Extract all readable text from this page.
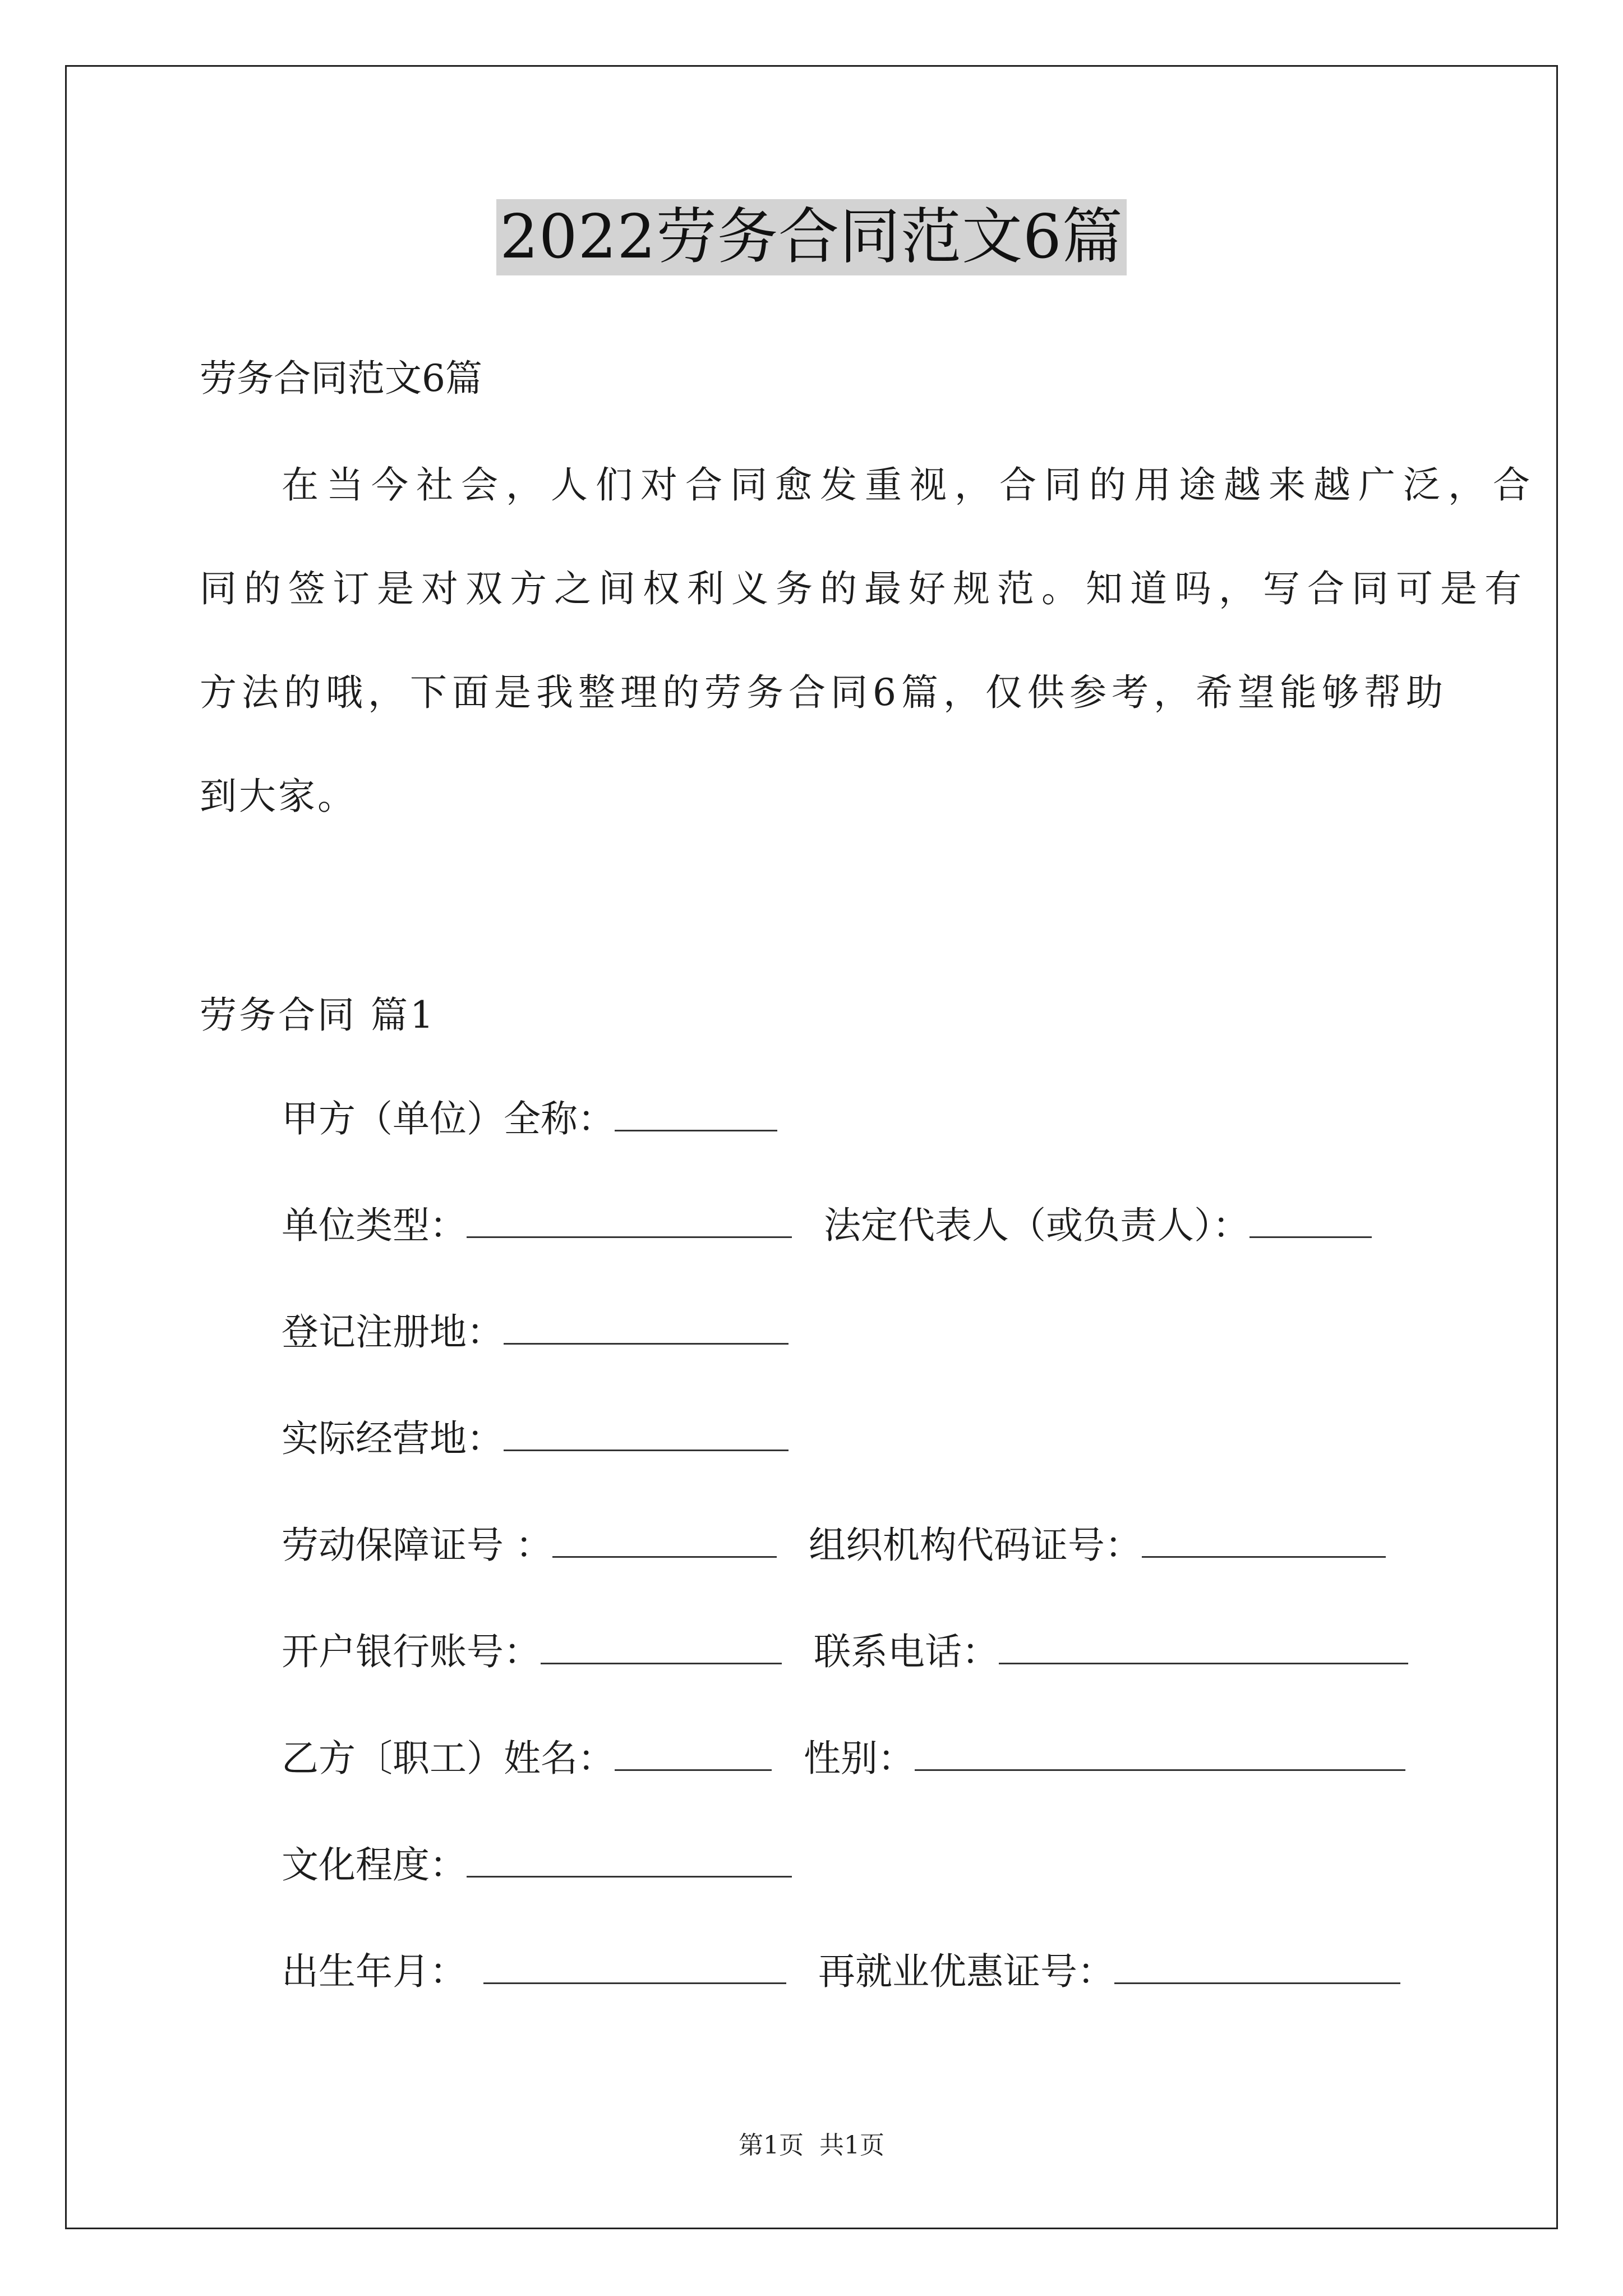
2022劳务合同范文6篇
劳务合同范文6篇
在当今社会，人们对合同愈发重视，合同的用途越来越广泛，合
同的签订是对双方之间权利义务的最好规范。知道吗，写合同可是有
方法的哦，下面是我整理的劳务合同6篇，仅供参考，希望能够帮助
到大家。
劳务合同 篇1
甲方（单位）全称：
单位类型：	法定代表人（或负责人）：
登记注册地：
实际经营地：
劳动保障证号 ：	组织机构代码证号：
开户银行账号：	联系电话：
乙方〔职工）姓名：	性别：
文化程度：
出生年月：	再就业优惠证号：
第1页 共1页
